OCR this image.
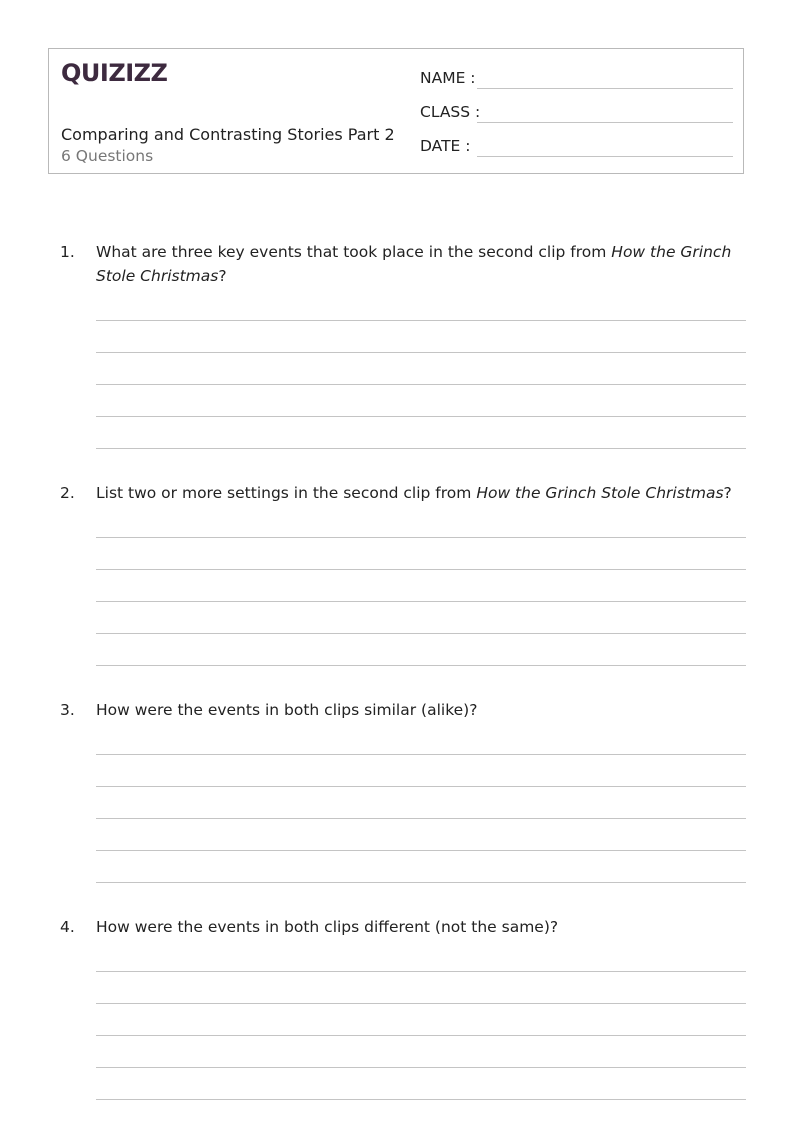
QUIZIZZ
Comparing and Contrasting Stories Part 2
6 Questions
NAME :
CLASS :
DATE :
1. What are three key events that took place in the second clip from How the Grinch Stole Christmas?
2. List two or more settings in the second clip from How the Grinch Stole Christmas?
3. How were the events in both clips similar (alike)?
4. How were the events in both clips different (not the same)?
